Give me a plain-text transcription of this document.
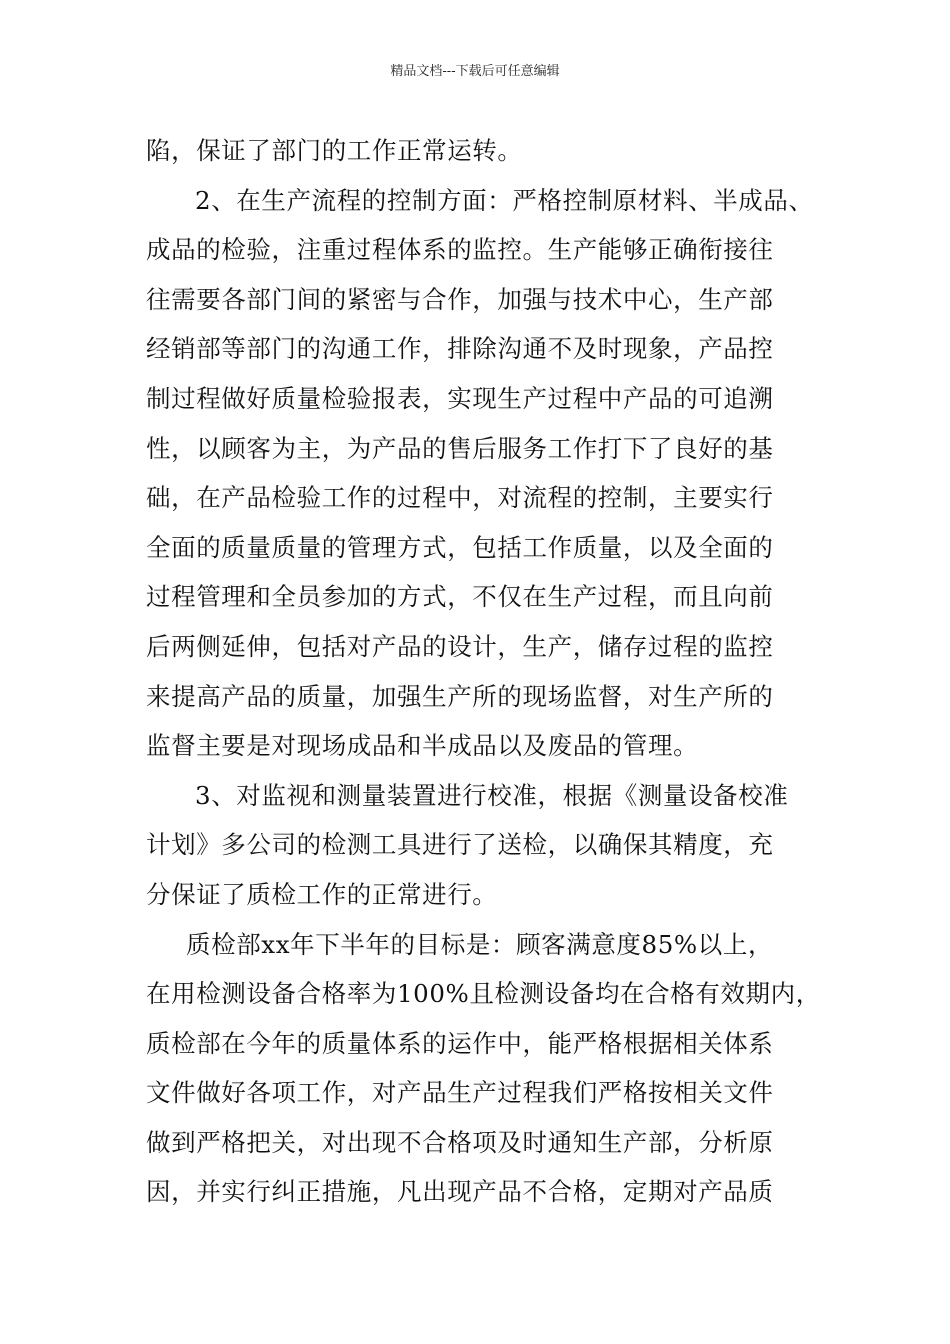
精品文档---下载后可任意编辑
陷，保证了部门的工作正常运转。
2、在生产流程的控制方面：严格控制原材料、半成品、
成品的检验，注重过程体系的监控。生产能够正确衔接往
往需要各部门间的紧密与合作，加强与技术中心，生产部
经销部等部门的沟通工作，排除沟通不及时现象，产品控
制过程做好质量检验报表，实现生产过程中产品的可追溯
性，以顾客为主，为产品的售后服务工作打下了良好的基
础，在产品检验工作的过程中，对流程的控制，主要实行
全面的质量质量的管理方式，包括工作质量，以及全面的
过程管理和全员参加的方式，不仅在生产过程，而且向前
后两侧延伸，包括对产品的设计，生产，储存过程的监控
来提高产品的质量，加强生产所的现场监督，对生产所的
监督主要是对现场成品和半成品以及废品的管理。
3、对监视和测量装置进行校准，根据《测量设备校准
计划》多公司的检测工具进行了送检，以确保其精度，充
分保证了质检工作的正常进行。
质检部xx年下半年的目标是：顾客满意度85%以上，
在用检测设备合格率为100%且检测设备均在合格有效期内，
质检部在今年的质量体系的运作中，能严格根据相关体系
文件做好各项工作，对产品生产过程我们严格按相关文件
做到严格把关，对出现不合格项及时通知生产部，分析原
因，并实行纠正措施，凡出现产品不合格，定期对产品质
